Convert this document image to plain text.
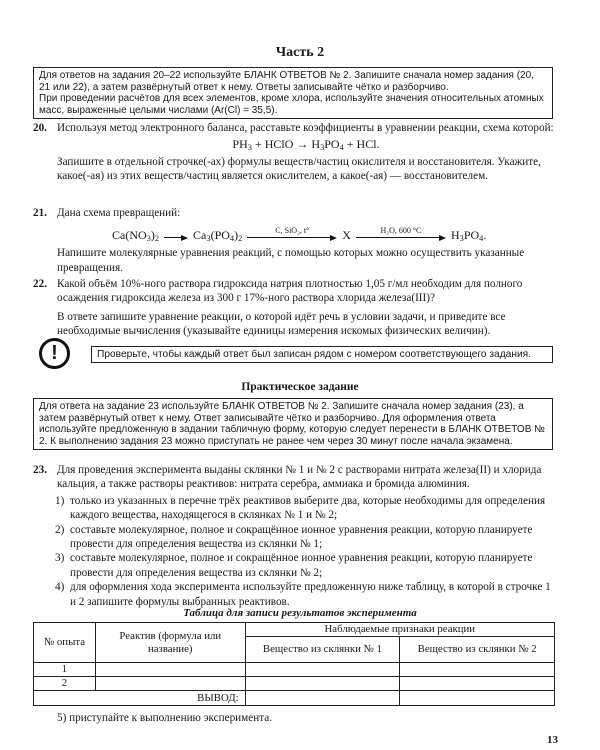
Часть 2

Для ответов на задания 20–22 используйте БЛАНК ОТВЕТОВ № 2. Запишите сначала номер задания (20, 21 или 22), а затем развёрнутый ответ к нему. Ответы записывайте чётко и разборчиво.

При проведении расчётов для всех элементов, кроме хлора, используйте значения относительных атомных масс, выраженные целыми числами (Ar(Cl) = 35,5).

20. Используя метод электронного баланса, расставьте коэффициенты в уравнении реакции, схема которой:

$PH_3$ + HClO → $H_3PO_4$ + HCl.

Запишите в отдельной строчке(-ах) формулы веществ/частиц окислителя и восстановителя. Укажите, какое(-ая) из этих веществ/частиц является окислителем, а какое(-ая) — восстановителем.

21. Дана схема превращений:

$Ca(NO_3)_2$	$Ca_3(PO_4)_2$
C, SiO₂, t°	X	H₂O, 600 °C	$H_3PO_4$.

Напишите молекулярные уравнения реакций, с помощью которых можно осуществить указанные превращения.

22. Какой объём 10%-ного раствора гидроксида натрия плотностью 1,05 г/мл необходим для полного осаждения гидроксида железа из 300 г 17%-ного раствора хлорида железа(III)?

В ответе запишите уравнение реакции, о которой идёт речь в условии задачи, и приведите все необходимые вычисления (указывайте единицы измерения искомых физических величин).

!	Проверьте, чтобы каждый ответ был записан рядом с номером соответствующего задания.
Практическое задание

Для ответа на задание 23 используйте БЛАНК ОТВЕТОВ № 2. Запишите сначала номер задания (23), а затем развёрнутый ответ к нему. Ответ записывайте чётко и разборчиво. Для оформления ответа используйте предложенную в задании табличную форму, которую следует перенести в БЛАНК ОТВЕТОВ № 2. К выполнению задания 23 можно приступать не ранее чем через 30 минут после начала экзамена.

23. Для проведения эксперимента выданы склянки № 1 и № 2 с растворами нитрата железа(II) и хлорида кальция, а также растворы реактивов: нитрата серебра, аммиака и бромида алюминия.

1) только из указанных в перечне трёх реактивов выберите два, которые необходимы для определения каждого вещества, находящегося в склянках № 1 и № 2;
2) составьте молекулярное, полное и сокращённое ионное уравнения реакции, которую планируете провести для определения вещества из склянки № 1;
3) составьте молекулярное, полное и сокращённое ионное уравнения реакции, которую планируете провести для определения вещества из склянки № 2;
4) для оформления хода эксперимента используйте предложенную ниже таблицу, в которой в строчке 1 и 2 запишите формулы выбранных реактивов.
Таблица для записи результатов эксперимента
№ опыта	Реактив (формула или название)	Наблюдаемые признаки реакции	
		Вещество из склянки № 1	Вещество из склянки № 2
1			
2			
ВЫВОД:			
5) приступайте к выполнению эксперимента.
13
